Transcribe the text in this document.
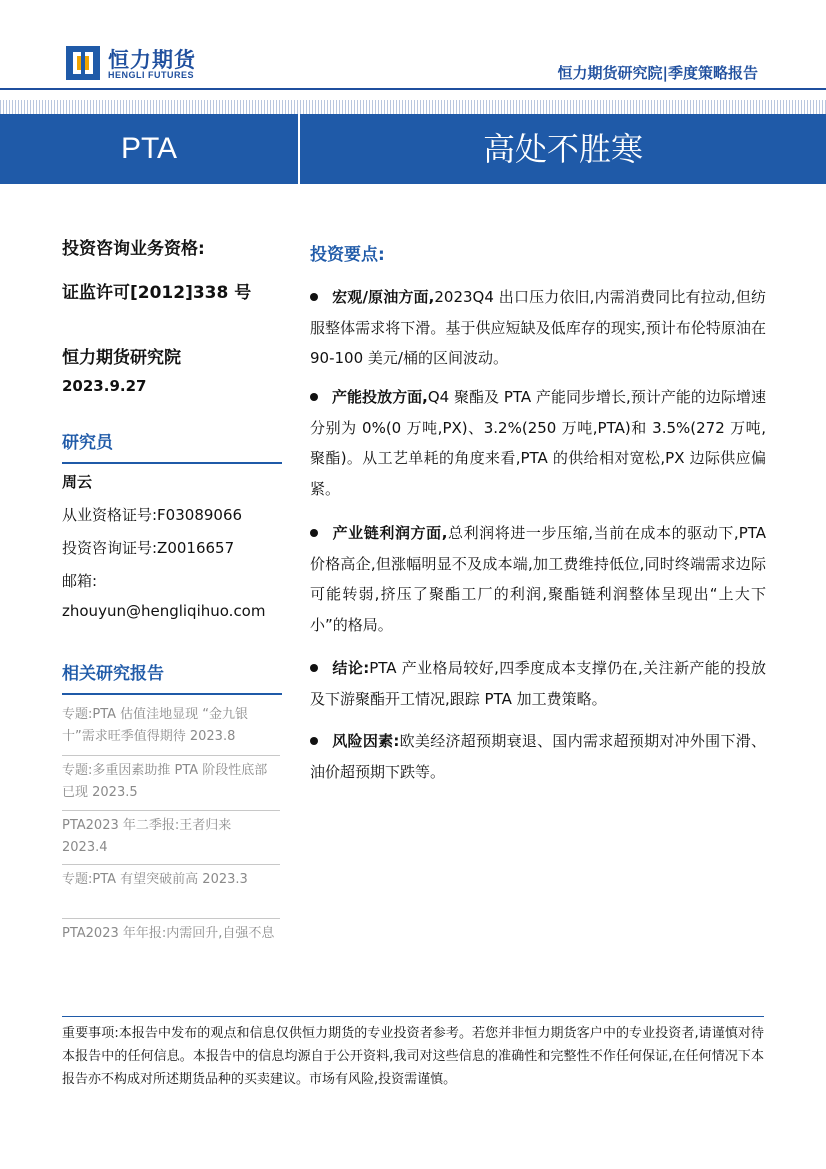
恒力期货
HENGLI FUTURES	恒力期货研究院|季度策略报告
PTA	高处不胜寒
投资咨询业务资格:
证监许可[2012]338 号
恒力期货研究院
2023.9.27
研究员
周云
从业资格证号:F03089066
投资咨询证号:Z0016657
邮箱:
zhouyun@hengliqihuo.com
相关研究报告
专题:PTA 估值洼地显现 “金九银十”需求旺季值得期待 2023.8
专题:多重因素助推 PTA 阶段性底部已现 2023.5
PTA2023 年二季报:王者归来 2023.4
专题:PTA 有望突破前高 2023.3
PTA2023 年年报:内需回升,自强不息
投资要点:
宏观/原油方面,2023Q4 出口压力依旧,内需消费同比有拉动,但纺服整体需求将下滑。基于供应短缺及低库存的现实,预计布伦特原油在 90-100 美元/桶的区间波动。
产能投放方面,Q4 聚酯及 PTA 产能同步增长,预计产能的边际增速分别为 0%(0 万吨,PX)、3.2%(250 万吨,PTA)和 3.5%(272 万吨,聚酯)。从工艺单耗的角度来看,PTA 的供给相对宽松,PX 边际供应偏紧。
产业链利润方面,总利润将进一步压缩,当前在成本的驱动下,PTA 价格高企,但涨幅明显不及成本端,加工费维持低位,同时终端需求边际可能转弱,挤压了聚酯工厂的利润,聚酯链利润整体呈现出“上大下小”的格局。
结论:PTA 产业格局较好,四季度成本支撑仍在,关注新产能的投放及下游聚酯开工情况,跟踪 PTA 加工费策略。
风险因素:欧美经济超预期衰退、国内需求超预期对冲外围下滑、油价超预期下跌等。
重要事项:本报告中发布的观点和信息仅供恒力期货的专业投资者参考。若您并非恒力期货客户中的专业投资者,请谨慎对待本报告中的任何信息。本报告中的信息均源自于公开资料,我司对这些信息的准确性和完整性不作任何保证,在任何情况下本报告亦不构成对所述期货品种的买卖建议。市场有风险,投资需谨慎。
